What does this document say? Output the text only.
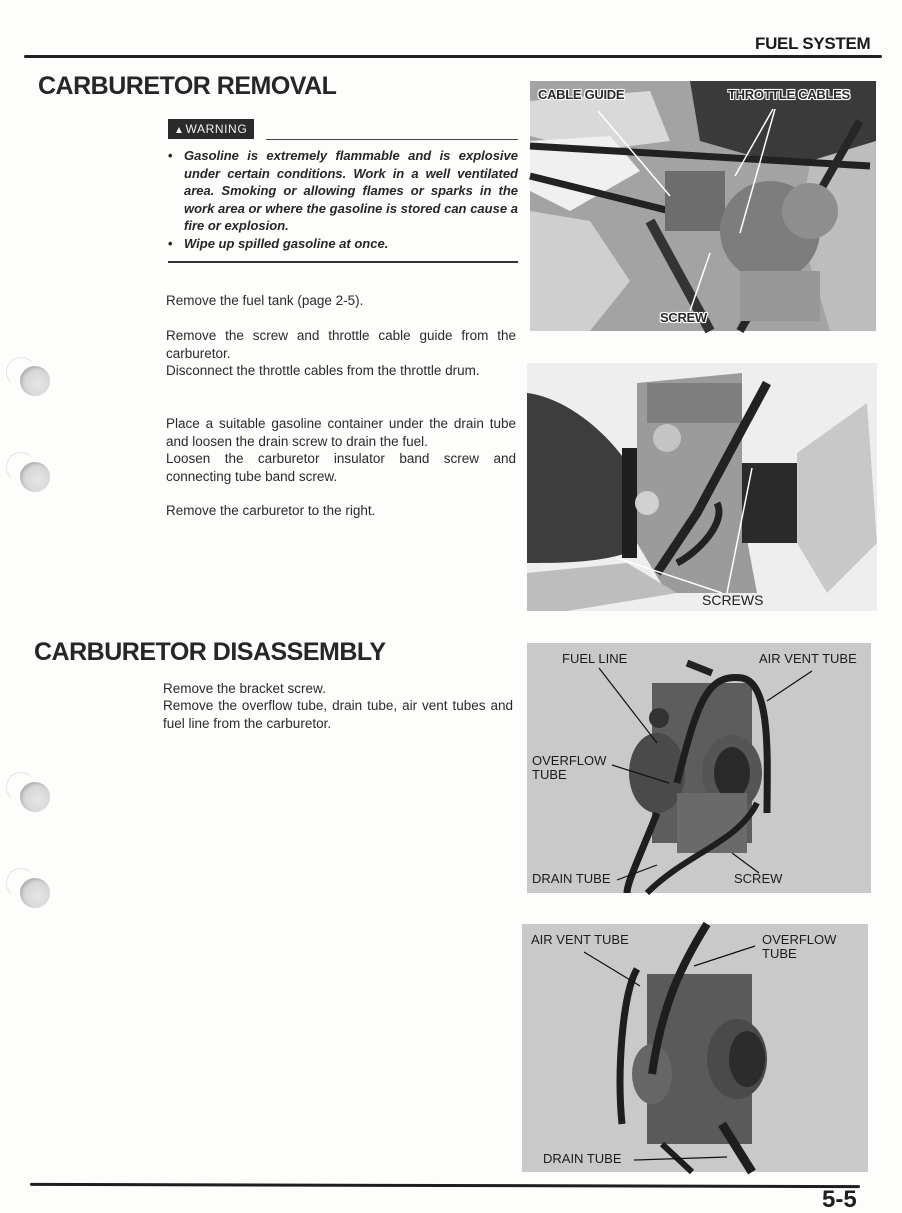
FUEL SYSTEM
CARBURETOR REMOVAL
▲WARNING
• Gasoline is extremely flammable and is explosive under certain conditions. Work in a well ventilated area. Smoking or allowing flames or sparks in the work area or where the gasoline is stored can cause a fire or explosion.
• Wipe up spilled gasoline at once.

Remove the fuel tank (page 2-5).

Remove the screw and throttle cable guide from the carburetor.

Disconnect the throttle cables from the throttle drum.

Place a suitable gasoline container under the drain tube and loosen the drain screw to drain the fuel.

Loosen the carburetor insulator band screw and connecting tube band screw.

Remove the carburetor to the right.

CABLE GUIDE	THROTTLE CABLES
SCREW
SCREWS
CARBURETOR DISASSEMBLY

Remove the bracket screw.

Remove the overflow tube, drain tube, air vent tubes and fuel line from the carburetor.

FUEL LINE	AIR VENT TUBE
OVERFLOW TUBE
DRAIN TUBE	SCREW
AIR VENT TUBE	OVERFLOW TUBE
DRAIN TUBE
5-5
